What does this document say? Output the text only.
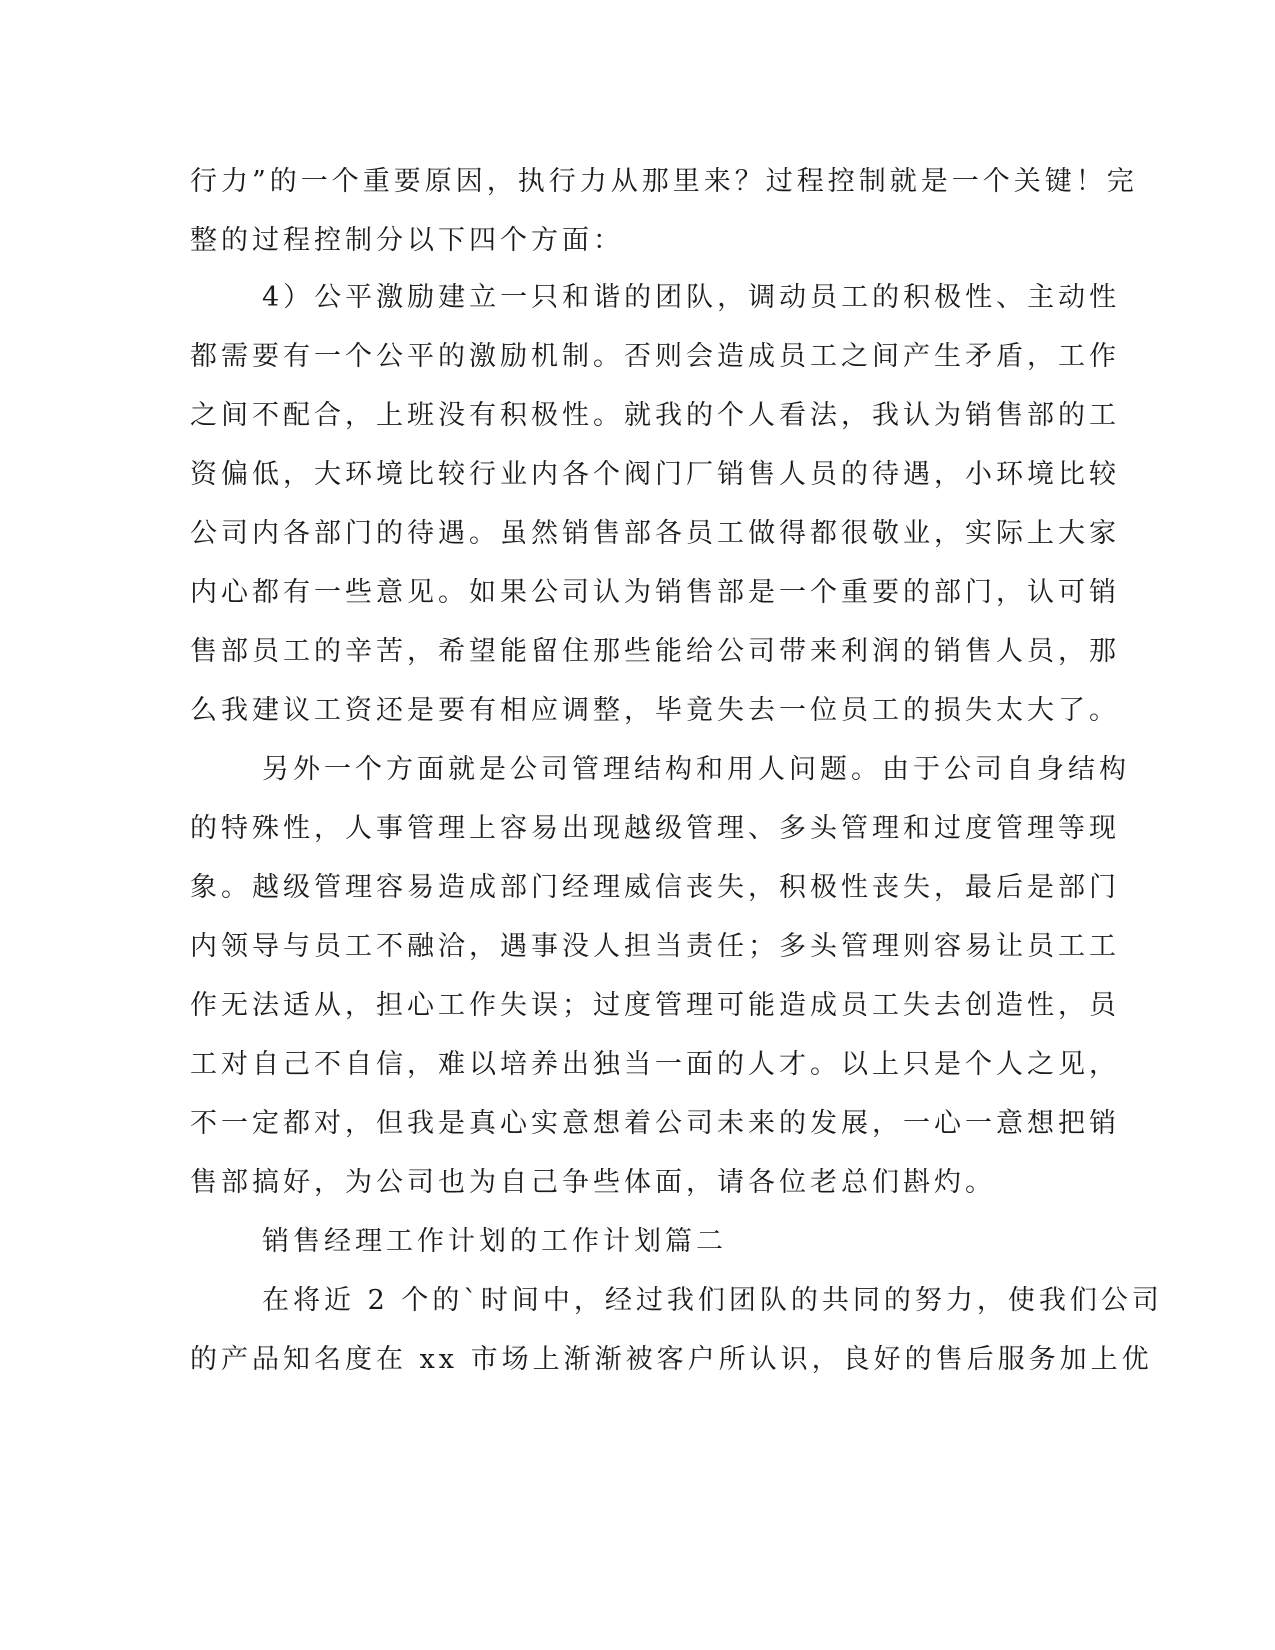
行力”的一个重要原因，执行力从那里来？过程控制就是一个关键！完
整的过程控制分以下四个方面：
4）公平激励建立一只和谐的团队，调动员工的积极性、主动性
都需要有一个公平的激励机制。否则会造成员工之间产生矛盾，工作
之间不配合，上班没有积极性。就我的个人看法，我认为销售部的工
资偏低，大环境比较行业内各个阀门厂销售人员的待遇，小环境比较
公司内各部门的待遇。虽然销售部各员工做得都很敬业，实际上大家
内心都有一些意见。如果公司认为销售部是一个重要的部门，认可销
售部员工的辛苦，希望能留住那些能给公司带来利润的销售人员，那
么我建议工资还是要有相应调整，毕竟失去一位员工的损失太大了。
另外一个方面就是公司管理结构和用人问题。由于公司自身结构
的特殊性，人事管理上容易出现越级管理、多头管理和过度管理等现
象。越级管理容易造成部门经理威信丧失，积极性丧失，最后是部门
内领导与员工不融洽，遇事没人担当责任；多头管理则容易让员工工
作无法适从，担心工作失误；过度管理可能造成员工失去创造性，员
工对自己不自信，难以培养出独当一面的人才。以上只是个人之见，
不一定都对，但我是真心实意想着公司未来的发展，一心一意想把销
售部搞好，为公司也为自己争些体面，请各位老总们斟灼。
销售经理工作计划的工作计划篇二
在将近 2 个的`时间中，经过我们团队的共同的努力，使我们公司
的产品知名度在 xx 市场上渐渐被客户所认识，良好的售后服务加上优
